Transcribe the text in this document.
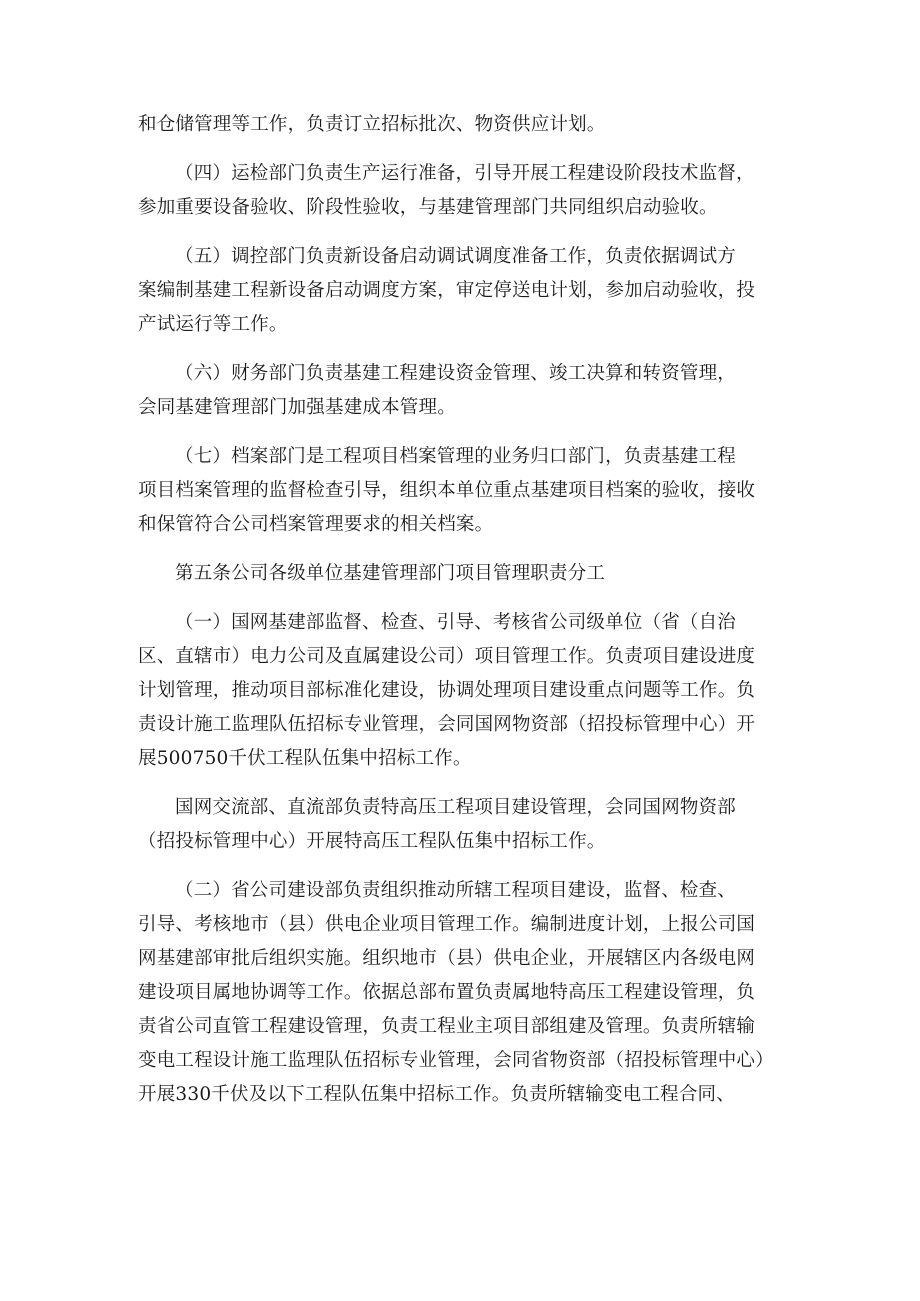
和仓储管理等工作，负责订立招标批次、物资供应计划。

（四）运检部门负责生产运行准备，引导开展工程建设阶段技术监督，
参加重要设备验收、阶段性验收，与基建管理部门共同组织启动验收。

（五）调控部门负责新设备启动调试调度准备工作，负责依据调试方
案编制基建工程新设备启动调度方案，审定停送电计划，参加启动验收，投
产试运行等工作。

（六）财务部门负责基建工程建设资金管理、竣工决算和转资管理，
会同基建管理部门加强基建成本管理。

（七）档案部门是工程项目档案管理的业务归口部门，负责基建工程
项目档案管理的监督检查引导，组织本单位重点基建项目档案的验收，接收
和保管符合公司档案管理要求的相关档案。

第五条公司各级单位基建管理部门项目管理职责分工

（一）国网基建部监督、检查、引导、考核省公司级单位（省（自治
区、直辖市）电力公司及直属建设公司）项目管理工作。负责项目建设进度
计划管理，推动项目部标准化建设，协调处理项目建设重点问题等工作。负
责设计施工监理队伍招标专业管理，会同国网物资部（招投标管理中心）开
展500750千伏工程队伍集中招标工作。

国网交流部、直流部负责特高压工程项目建设管理，会同国网物资部
（招投标管理中心）开展特高压工程队伍集中招标工作。

（二）省公司建设部负责组织推动所辖工程项目建设，监督、检查、
引导、考核地市（县）供电企业项目管理工作。编制进度计划，上报公司国
网基建部审批后组织实施。组织地市（县）供电企业，开展辖区内各级电网
建设项目属地协调等工作。依据总部布置负责属地特高压工程建设管理，负
责省公司直管工程建设管理，负责工程业主项目部组建及管理。负责所辖输
变电工程设计施工监理队伍招标专业管理，会同省物资部（招投标管理中心）
开展330千伏及以下工程队伍集中招标工作。负责所辖输变电工程合同、
